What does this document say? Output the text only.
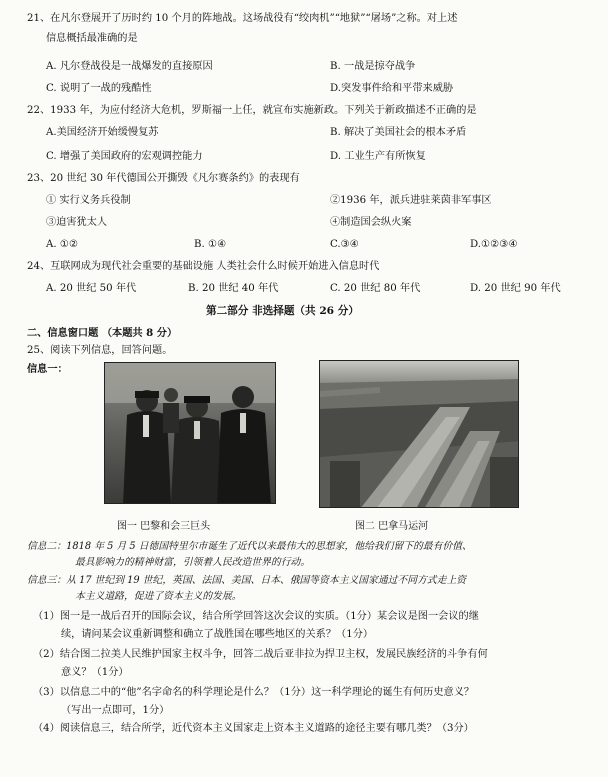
21、在凡尔登展开了历时约 10 个月的阵地战。这场战役有“绞肉机”“地狱”“屠场”之称。对上述
信息概括最准确的是
A. 凡尔登战役是一战爆发的直接原因	B. 一战是掠夺战争
C. 说明了一战的残酷性	D.突发事件给和平带来威胁
22、1933 年，为应付经济大危机，罗斯福一上任，就宣布实施新政。下列关于新政描述不正确的是
A.美国经济开始缓慢复苏	B. 解决了美国社会的根本矛盾
C. 增强了美国政府的宏观调控能力	D. 工业生产有所恢复
23、20 世纪 30 年代德国公开撕毁《凡尔赛条约》的表现有
① 实行义务兵役制	②1936 年，派兵进驻莱茵非军事区
③迫害犹太人	④制造国会纵火案
A. ①②	B. ①④	C.③④	D.①②③④
24、互联网成为现代社会重要的基础设施 人类社会什么时候开始进入信息时代
A. 20 世纪 50 年代	B. 20 世纪 40 年代	C. 20 世纪 80 年代	D. 20 世纪 90 年代
第二部分 非选择题（共 26 分）
二、信息窗口题 （本题共 8 分）
25、阅读下列信息，回答问题。
信息一：
图一 巴黎和会三巨头	图二 巴拿马运河
信息二：1818 年 5 月 5 日德国特里尔市诞生了近代以来最伟大的思想家，他给我们留下的最有价值、
最具影响力的精神财富，引领着人民改造世界的行动。
信息三：从 17 世纪到 19 世纪，英国、法国、美国、日本、俄国等资本主义国家通过不同方式走上资
本主义道路，促进了资本主义的发展。
（1）图一是一战后召开的国际会议，结合所学回答这次会议的实质。（1分）某会议是图一会议的继
续，请问某会议重新调整和确立了战胜国在哪些地区的关系？（1分）
（2）结合图二拉美人民维护国家主权斗争，回答二战后亚非拉为捍卫主权，发展民族经济的斗争有何
意义？（1分）
（3）以信息二中的“他”名字命名的科学理论是什么？（1分）这一科学理论的诞生有何历史意义？
（写出一点即可，1分）
（4）阅读信息三，结合所学，近代资本主义国家走上资本主义道路的途径主要有哪几类？（3分）
